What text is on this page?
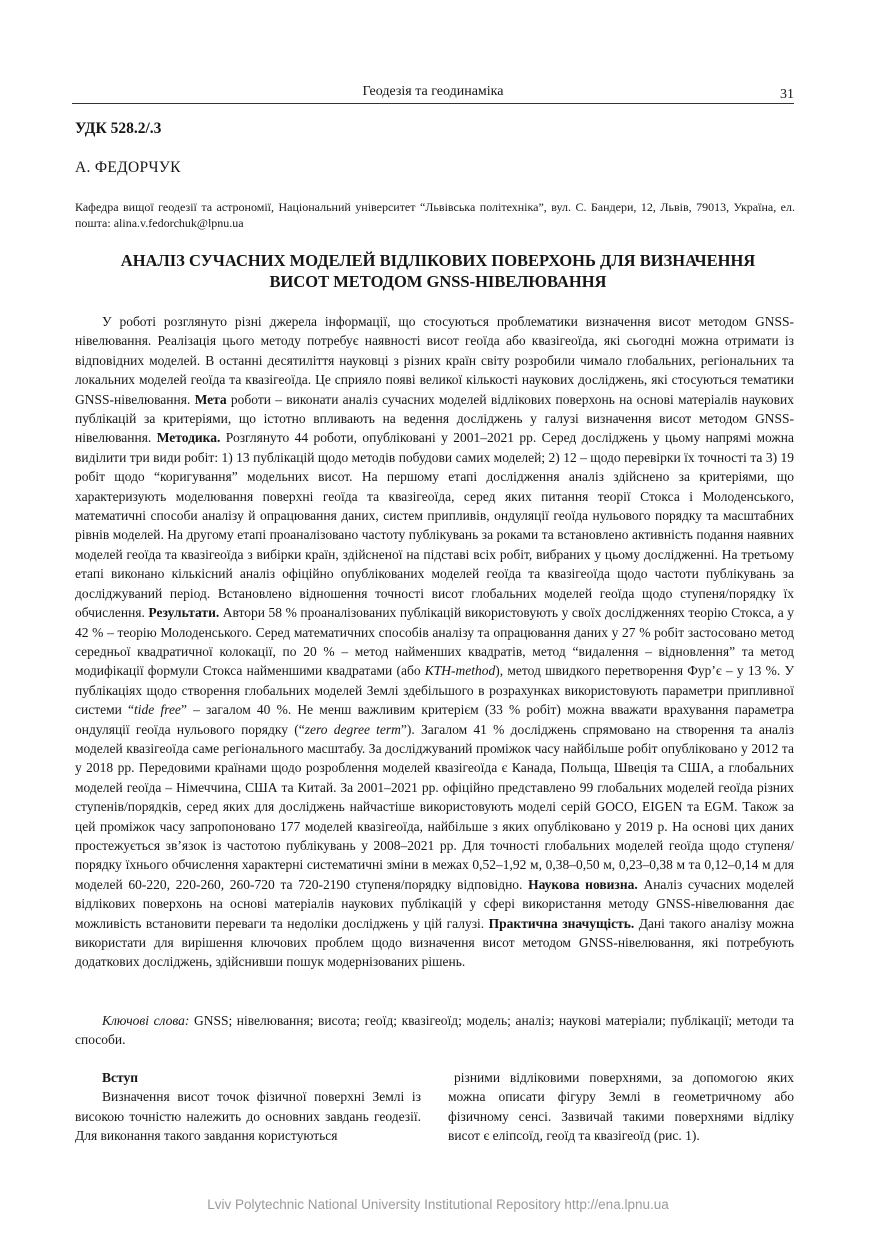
Геодезія та геодинаміка	31
УДК 528.2/.3
А. ФЕДОРЧУК
Кафедра вищої геодезії та астрономії, Національний університет “Львівська політехніка”, вул. С. Бандери, 12, Львів, 79013, Україна, ел. пошта: alina.v.fedorchuk@lpnu.ua
АНАЛІЗ СУЧАСНИХ МОДЕЛЕЙ ВІДЛІКОВИХ ПОВЕРХОНЬ ДЛЯ ВИЗНАЧЕННЯ
ВИСОТ МЕТОДОМ GNSS-НІВЕЛЮВАННЯ

У роботі розглянуто різні джерела інформації, що стосуються проблематики визначення висот методом GNSS-нівелювання. Реалізація цього методу потребує наявності висот геоїда або квазігеоїда, які сьогодні можна отримати із відповідних моделей. В останні десятиліття науковці з різних країн світу розробили чимало глобальних, регіональних та локальних моделей геоїда та квазігеоїда. Це сприяло появі великої кількості наукових досліджень, які стосуються тематики GNSS-нівелювання. Мета роботи – виконати аналіз сучасних моделей відлікових поверхонь на основі матеріалів наукових публікацій за критеріями, що істотно впливають на ведення досліджень у галузі визначення висот методом GNSS-нівелювання. Методика. Розглянуто 44 роботи, опубліковані у 2001–2021 рр. Серед досліджень у цьому напрямі можна виділити три види робіт: 1) 13 публікацій щодо методів побудови самих моделей; 2) 12 – щодо перевірки їх точності та 3) 19 робіт щодо “коригування” модельних висот. На першому етапі дослідження аналіз здійснено за критеріями, що характеризують моделювання поверхні геоїда та квазігеоїда, серед яких питання теорії Стокса і Молоденського, математичні способи аналізу й опрацювання даних, систем припливів, ондуляції геоїда нульового порядку та масштабних рівнів моделей. На другому етапі проаналізовано частоту публікувань за роками та встановлено активність подання наявних моделей геоїда та квазігеоїда з вибірки країн, здійсненої на підставі всіх робіт, вибраних у цьому дослідженні. На третьому етапі виконано кількісний аналіз офіційно опублікованих моделей геоїда та квазігеоїда щодо частоти публікувань за досліджуваний період. Встановлено відношення точності висот глобальних моделей геоїда щодо ступеня/порядку їх обчислення. Результати. Автори 58 % проаналізованих публікацій використовують у своїх дослідженнях теорію Стокса, а у 42 % – теорію Молоденського. Серед математичних способів аналізу та опрацювання даних у 27 % робіт застосовано метод середньої квадратичної колокації, по 20 % – метод найменших квадратів, метод “видалення – відновлення” та метод модифікації формули Стокса найменшими квадратами (або KTH-method), метод швидкого перетворення Фур’є – у 13 %. У публікаціях щодо створення глобальних моделей Землі здебільшого в розрахунках використовують параметри припливної системи “tide free” – загалом 40 %. Не менш важливим критерієм (33 % робіт) можна вважати врахування параметра ондуляції геоїда нульового порядку (“zero degree term”). Загалом 41 % досліджень спрямовано на створення та аналіз моделей квазігеоїда саме регіонального масштабу. За досліджуваний проміжок часу найбільше робіт опубліковано у 2012 та у 2018 рр. Передовими країнами щодо розроблення моделей квазігеоїда є Канада, Польща, Швеція та США, а глобальних моделей геоїда – Німеччина, США та Китай. За 2001–2021 рр. офіційно представлено 99 глобальних моделей геоїда різних ступенів/порядків, серед яких для досліджень найчастіше використовують моделі серій GOCO, EIGEN та EGM. Також за цей проміжок часу запропоновано 177 моделей квазігеоїда, найбільше з яких опубліковано у 2019 р. На основі цих даних простежується зв’язок із частотою публікувань у 2008–2021 рр. Для точності глобальних моделей геоїда щодо ступеня/порядку їхнього обчислення характерні систематичні зміни в межах 0,52–1,92 м, 0,38–0,50 м, 0,23–0,38 м та 0,12–0,14 м для моделей 60-220, 220-260, 260-720 та 720-2190 ступеня/порядку відповідно. Наукова новизна. Аналіз сучасних моделей відлікових поверхонь на основі матеріалів наукових публікацій у сфері використання методу GNSS-нівелювання дає можливість встановити переваги та недоліки досліджень у цій галузі. Практична значущість. Дані такого аналізу можна використати для вирішення ключових проблем щодо визначення висот методом GNSS-нівелювання, які потребують додаткових досліджень, здійснивши пошук модернізованих рішень.

Ключові слова: GNSS; нівелювання; висота; геоїд; квазігеоїд; модель; аналіз; наукові матеріали; публікації; методи та способи.

Вступ

Визначення висот точок фізичної поверхні Землі із високою точністю належить до основних завдань геодезії. Для виконання такого завдання користуються

різними відліковими поверхнями, за допомогою яких можна описати фігуру Землі в геометричному або фізичному сенсі. Зазвичай такими поверхнями відліку висот є еліпсоїд, геоїд та квазігеоїд (рис. 1).

Lviv Polytechnic National University Institutional Repository http://ena.lpnu.ua
